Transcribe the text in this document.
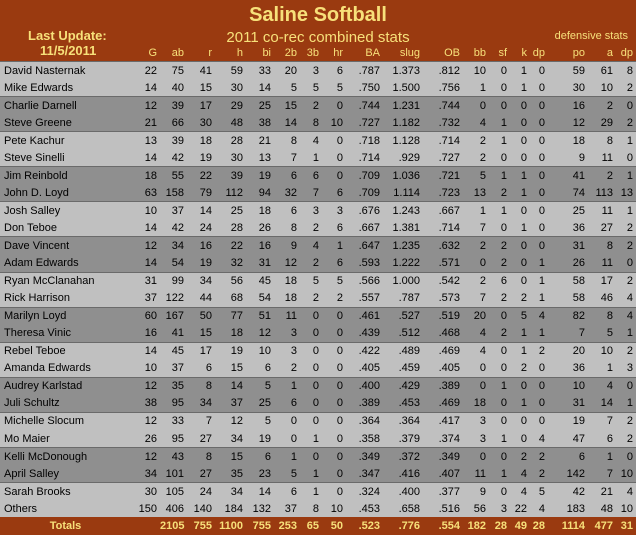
Saline Softball
2011 co-rec combined stats
Last Update:
11/5/2011
defensive stats
	G	ab	r	h	bi	2b	3b	hr	BA	slug	OB	bb	sf	k	dp	po	a	dp
David Nasternak	22	75	41	59	33	20	3	6	.787	1.373	.812	10	0	1	0	59	61	8
Mike Edwards	14	40	15	30	14	5	5	5	.750	1.500	.756	1	0	1	0	30	10	2
Charlie Darnell	12	39	17	29	25	15	2	0	.744	1.231	.744	0	0	0	0	16	2	0
Steve Greene	21	66	30	48	38	14	8	10	.727	1.182	.732	4	1	0	0	12	29	2
Pete Kachur	13	39	18	28	21	8	4	0	.718	1.128	.714	2	1	0	0	18	8	1
Steve Sinelli	14	42	19	30	13	7	1	0	.714	.929	.727	2	0	0	0	9	11	0
Jim Reinbold	18	55	22	39	19	6	6	0	.709	1.036	.721	5	1	1	0	41	2	1
John D. Loyd	63	158	79	112	94	32	7	6	.709	1.114	.723	13	2	1	0	74	113	13
Josh Salley	10	37	14	25	18	6	3	3	.676	1.243	.667	1	1	0	0	25	11	1
Don Teboe	14	42	24	28	26	8	2	6	.667	1.381	.714	7	0	1	0	36	27	2
Dave Vincent	12	34	16	22	16	9	4	1	.647	1.235	.632	2	2	0	0	31	8	2
Adam Edwards	14	54	19	32	31	12	2	6	.593	1.222	.571	0	2	0	1	26	11	0
Ryan McClanahan	31	99	34	56	45	18	5	5	.566	1.000	.542	2	6	0	1	58	17	2
Rick Harrison	37	122	44	68	54	18	2	2	.557	.787	.573	7	2	2	1	58	46	4
Marilyn Loyd	60	167	50	77	51	11	0	0	.461	.527	.519	20	0	5	4	82	8	4
Theresa Vinic	16	41	15	18	12	3	0	0	.439	.512	.468	4	2	1	1	7	5	1
Rebel Teboe	14	45	17	19	10	3	0	0	.422	.489	.469	4	0	1	2	20	10	2
Amanda Edwards	10	37	6	15	6	2	0	0	.405	.459	.405	0	0	2	0	36	1	3
Audrey Karlstad	12	35	8	14	5	1	0	0	.400	.429	.389	0	1	0	0	10	4	0
Juli Schultz	38	95	34	37	25	6	0	0	.389	.453	.469	18	0	1	0	31	14	1
Michelle Slocum	12	33	7	12	5	0	0	0	.364	.364	.417	3	0	0	0	19	7	2
Mo Maier	26	95	27	34	19	0	1	0	.358	.379	.374	3	1	0	4	47	6	2
Kelli McDonough	12	43	8	15	6	1	0	0	.349	.372	.349	0	0	2	2	6	1	0
April Salley	34	101	27	35	23	5	1	0	.347	.416	.407	11	1	4	2	142	7	10
Sarah Brooks	30	105	24	34	14	6	1	0	.324	.400	.377	9	0	4	5	42	21	4
Others	150	406	140	184	132	37	8	10	.453	.658	.516	56	3	22	4	183	48	10
Totals		2105	755	1100	755	253	65	50	.523	.776	.554	182	28	49	28	1114	477	31
